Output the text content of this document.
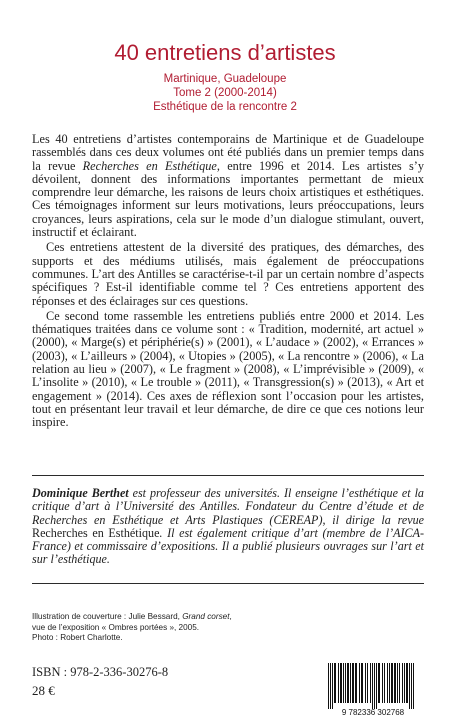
40 entretiens d’artistes
Martinique, Guadeloupe
Tome 2 (2000-2014)
Esthétique de la rencontre 2

Les 40 entretiens d’artistes contemporains de Martinique et de Guadeloupe rassemblés dans ces deux volumes ont été publiés dans un premier temps dans la revue Recherches en Esthétique, entre 1996 et 2014. Les artistes s’y dévoilent, donnent des informations importantes permettant de mieux comprendre leur démarche, les raisons de leurs choix artistiques et esthétiques. Ces témoignages informent sur leurs motivations, leurs préoccupations, leurs croyances, leurs aspirations, cela sur le mode d’un dialogue stimulant, ouvert, instructif et éclairant.

Ces entretiens attestent de la diversité des pratiques, des démarches, des supports et des médiums utilisés, mais également de préoccupations communes. L’art des Antilles se caractérise-t-il par un certain nombre d’aspects spécifiques ? Est-il identifiable comme tel ? Ces entretiens apportent des réponses et des éclairages sur ces questions.

Ce second tome rassemble les entretiens publiés entre 2000 et 2014. Les thématiques traitées dans ce volume sont : « Tradition, modernité, art actuel » (2000), « Marge(s) et périphérie(s) » (2001), « L’audace » (2002), « Errances » (2003), « L’ailleurs » (2004), « Utopies » (2005), « La rencontre » (2006), « La relation au lieu » (2007), « Le fragment » (2008), « L’imprévisible » (2009), « L’insolite » (2010), « Le trouble » (2011), « Transgression(s) » (2013), « Art et engagement » (2014). Ces axes de réflexion sont l’occasion pour les artistes, tout en présentant leur travail et leur démarche, de dire ce que ces notions leur inspire.

Dominique Berthet est professeur des universités. Il enseigne l’esthétique et la critique d’art à l’Université des Antilles. Fondateur du Centre d’étude et de Recherches en Esthétique et Arts Plastiques (CEREAP), il dirige la revue Recherches en Esthétique. Il est également critique d’art (membre de l’AICA-France) et commissaire d’expositions. Il a publié plusieurs ouvrages sur l’art et sur l’esthétique.
Illustration de couverture : Julie Bessard, Grand corset,
vue de l’exposition « Ombres portées », 2005.
Photo : Robert Charlotte.
ISBN : 978-2-336-30276-8
28 €
9 782336 302768
